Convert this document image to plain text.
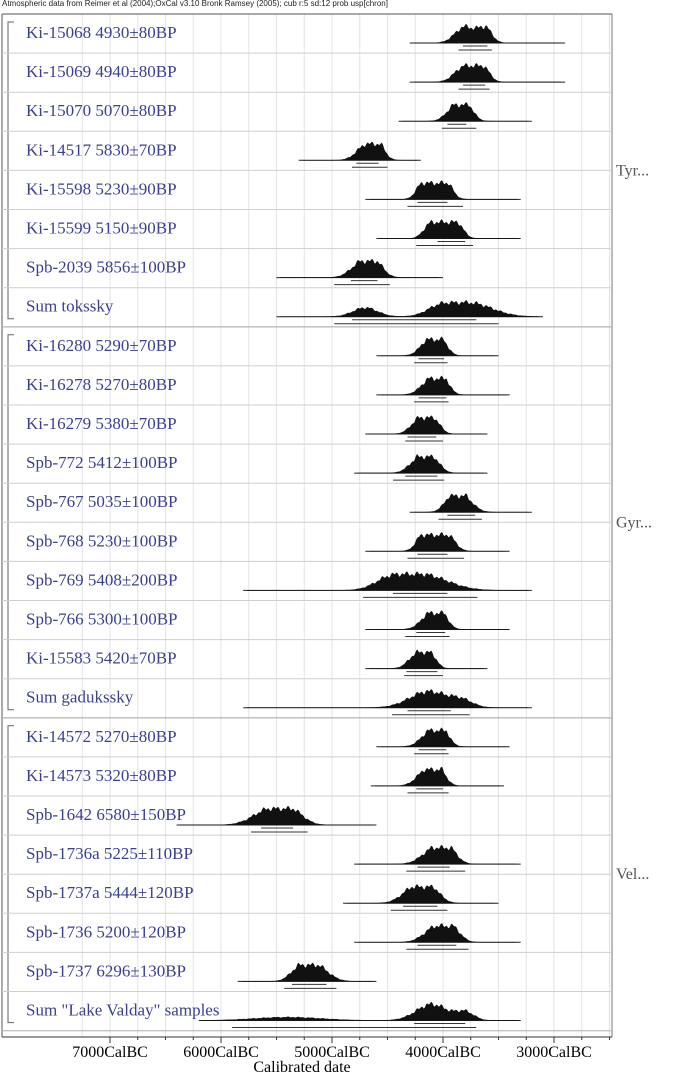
Atmospheric data from Reimer et al (2004);OxCal v3.10 Bronk Ramsey (2005); cub r:5 sd:12 prob usp[chron]
Ki-15068 4930±80BP
Ki-15069 4940±80BP
Ki-15070 5070±80BP
Ki-14517 5830±70BP
Ki-15598 5230±90BP
Ki-15599 5150±90BP
Spb-2039 5856±100BP
Sum tokssky
Ki-16280 5290±70BP
Ki-16278 5270±80BP
Ki-16279 5380±70BP
Spb-772 5412±100BP
Spb-767 5035±100BP
Spb-768 5230±100BP
Spb-769 5408±200BP
Spb-766 5300±100BP
Ki-15583 5420±70BP
Sum gadukssky
Ki-14572 5270±80BP
Ki-14573 5320±80BP
Spb-1642 6580±150BP
Spb-1736a 5225±110BP
Spb-1737a 5444±120BP
Spb-1736 5200±120BP
Spb-1737 6296±130BP
Sum "Lake Valday" samples
Tyr...
Gyr...
Vel...
7000CalBC 6000CalBC 5000CalBC 4000CalBC 3000CalBC
Calibrated date
